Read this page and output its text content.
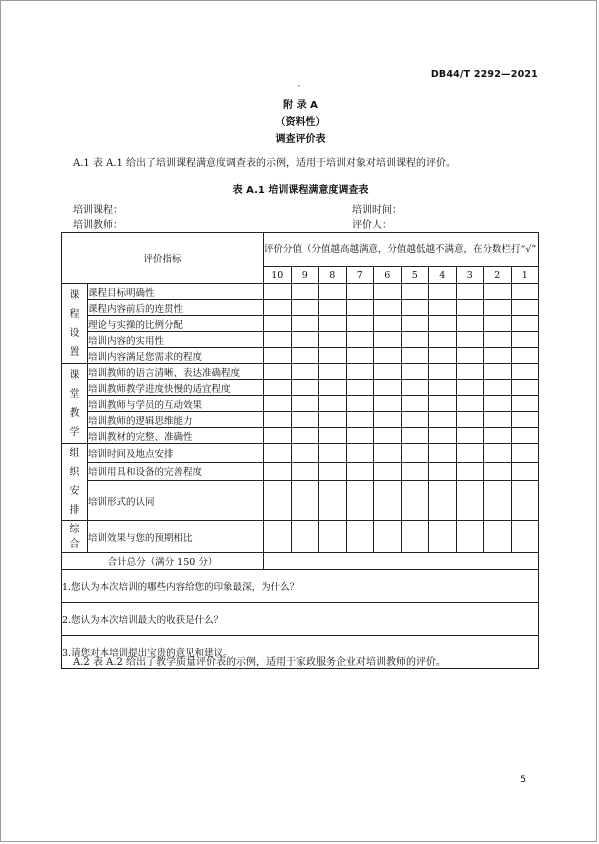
DB44/T 2292—2021
′
附 录 A
（资料性）
调查评价表
A.1 表 A.1 给出了培训课程满意度调查表的示例，适用于培训对象对培训课程的评价。
表 A.1 培训课程满意度调查表
培训课程：	培训时间：
培训教师：	评价人：
评价指标		评价分值（分值越高越满意，分值越低越不满意，在分数栏打“√”									
		10	9	8	7	6	5	4	3	2	1
课程设置	课程目标明确性										
	课程内容前后的连贯性										
	理论与实操的比例分配										
	培训内容的实用性										
	培训内容满足您需求的程度										
课堂教学	培训教师的语言清晰、表达准确程度										
	培训教师教学进度快慢的适宜程度										
	培训教师与学员的互动效果										
	培训教师的逻辑思维能力										
	培训教材的完整、准确性										
组织安排	培训时间及地点安排										
	培训用具和设备的完善程度										
	培训形式的认同										
综合	培训效果与您的预期相比										
合计总分（满分 150 分）											
1.您认为本次培训的哪些内容给您的印象最深，为什么？											
2.您认为本次培训最大的收获是什么？											
3.请您对本培训提出宝贵的意见和建议。											
A.2 表 A.2 给出了教学质量评价表的示例，适用于家政服务企业对培训教师的评价。
5
